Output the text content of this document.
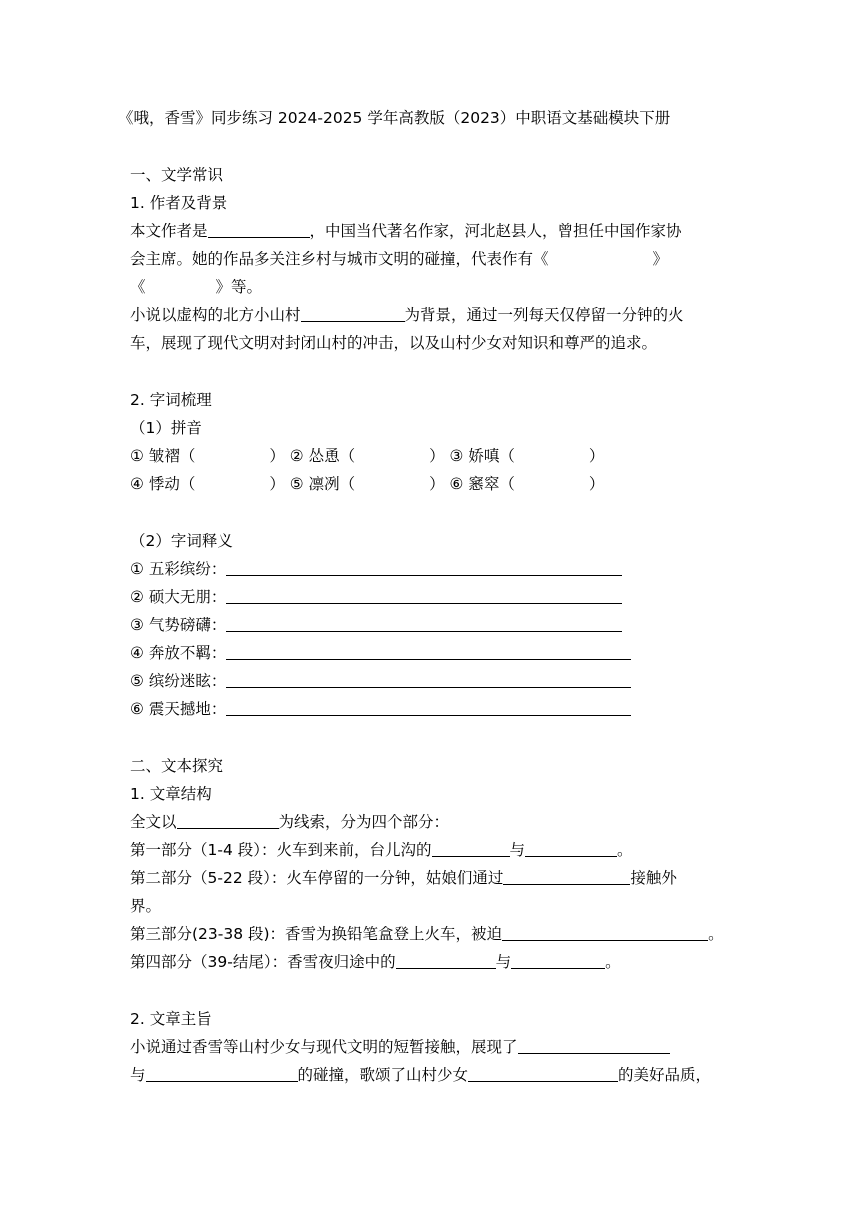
《哦，香雪》同步练习 2024-2025 学年高教版（2023）中职语文基础模块下册
一、文学常识
1. 作者及背景
本文作者是	，中国当代著名作家，河北赵县人，曾担任中国作家协
会主席。她的作品多关注乡村与城市文明的碰撞，代表作有《	》
《	》等。
小说以虚构的北方小山村	为背景，通过一列每天仅停留一分钟的火
车，展现了现代文明对封闭山村的冲击，以及山村少女对知识和尊严的追求。
2. 字词梳理
（1）拼音
① 皱褶（	） ② 怂恿（	） ③ 娇嗔（	）
④ 悸动（	） ⑤ 凛冽（	） ⑥ 窸窣（	）
（2）字词释义
① 五彩缤纷：
② 硕大无朋：
③ 气势磅礴：
④ 奔放不羁：
⑤ 缤纷迷眩：
⑥ 震天撼地：
二、文本探究
1. 文章结构
全文以	为线索，分为四个部分：
第一部分（1-4 段）：火车到来前，台儿沟的	与	。
第二部分（5-22 段）：火车停留的一分钟，姑娘们通过	接触外
界。
第三部分(23-38 段)：香雪为换铅笔盒登上火车，被迫	。
第四部分（39-结尾）：香雪夜归途中的	与	。
2. 文章主旨
小说通过香雪等山村少女与现代文明的短暂接触，展现了
与	的碰撞，歌颂了山村少女	的美好品质，
